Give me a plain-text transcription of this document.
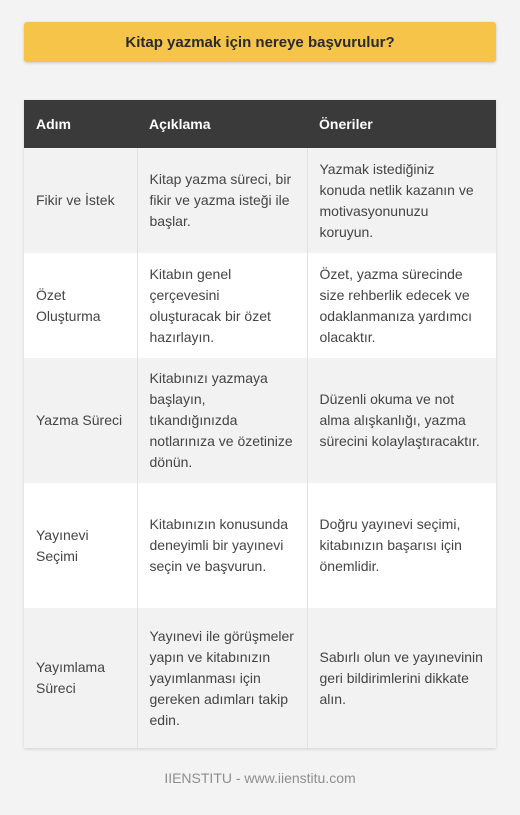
Kitap yazmak için nereye başvurulur?
Adım	Açıklama	Öneriler
Fikir ve İstek	Kitap yazma süreci, bir fikir ve yazma isteği ile başlar.	Yazmak istediğiniz konuda netlik kazanın ve motivasyonunuzu koruyun.
Özet Oluşturma	Kitabın genel çerçevesini oluşturacak bir özet hazırlayın.	Özet, yazma sürecinde size rehberlik edecek ve odaklanmanıza yardımcı olacaktır.
Yazma Süreci	Kitabınızı yazmaya başlayın, tıkandığınızda notlarınıza ve özetinize dönün.	Düzenli okuma ve not alma alışkanlığı, yazma sürecini kolaylaştıracaktır.
Yayınevi Seçimi	Kitabınızın konusunda deneyimli bir yayınevi seçin ve başvurun.	Doğru yayınevi seçimi, kitabınızın başarısı için önemlidir.
Yayımlama Süreci	Yayınevi ile görüşmeler yapın ve kitabınızın yayımlanması için gereken adımları takip edin.	Sabırlı olun ve yayınevinin geri bildirimlerini dikkate alın.
IIENSTITU - www.iienstitu.com
